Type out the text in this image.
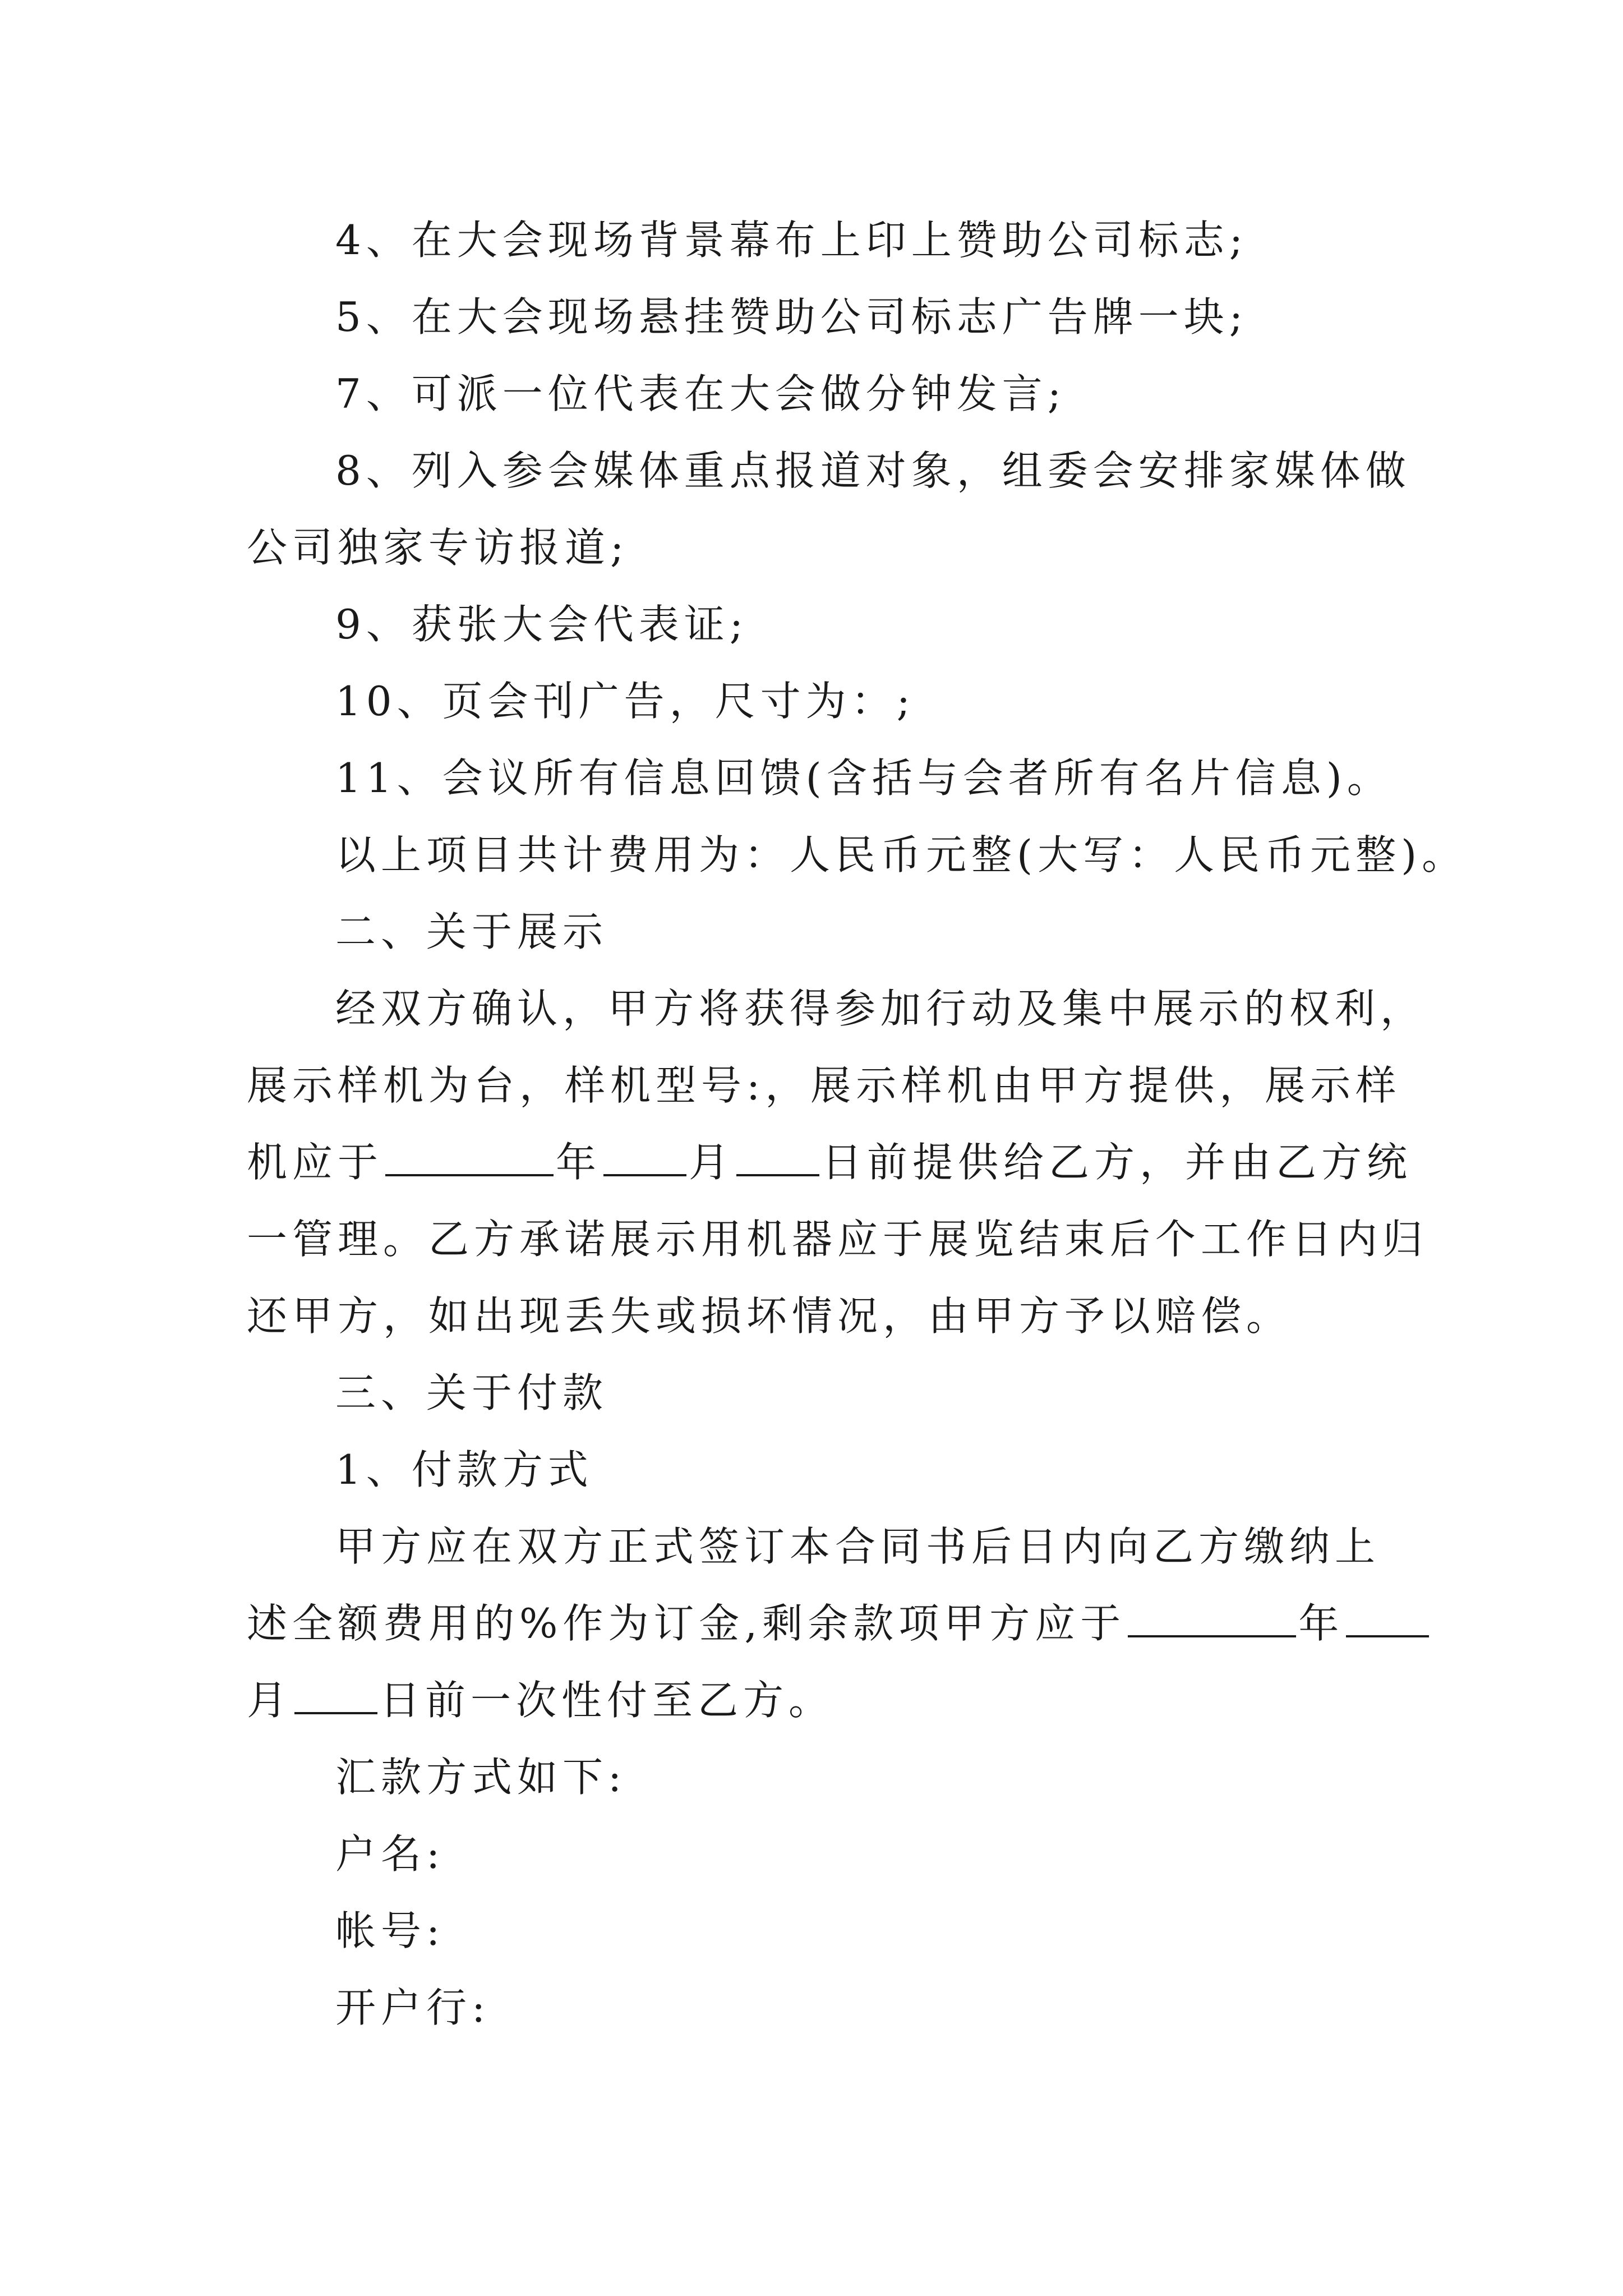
4、在大会现场背景幕布上印上赞助公司标志;
5、在大会现场悬挂赞助公司标志广告牌一块;
7、可派一位代表在大会做分钟发言;
8、列入参会媒体重点报道对象，组委会安排家媒体做
公司独家专访报道;
9、获张大会代表证;
10、页会刊广告，尺寸为：;
11、会议所有信息回馈(含括与会者所有名片信息)。
以上项目共计费用为：人民币元整(大写：人民币元整)。
二、关于展示
经双方确认，甲方将获得参加行动及集中展示的权利，
展示样机为台，样机型号:，展示样机由甲方提供，展示样
机应于	年 月 日前提供给乙方，并由乙方统
一管理。乙方承诺展示用机器应于展览结束后个工作日内归
还甲方，如出现丢失或损坏情况，由甲方予以赔偿。
三、关于付款
1、付款方式
甲方应在双方正式签订本合同书后日内向乙方缴纳上
述全额费用的%作为订金,剩余款项甲方应于	年
月 日前一次性付至乙方。
汇款方式如下:
户名:
帐号:
开户行:
